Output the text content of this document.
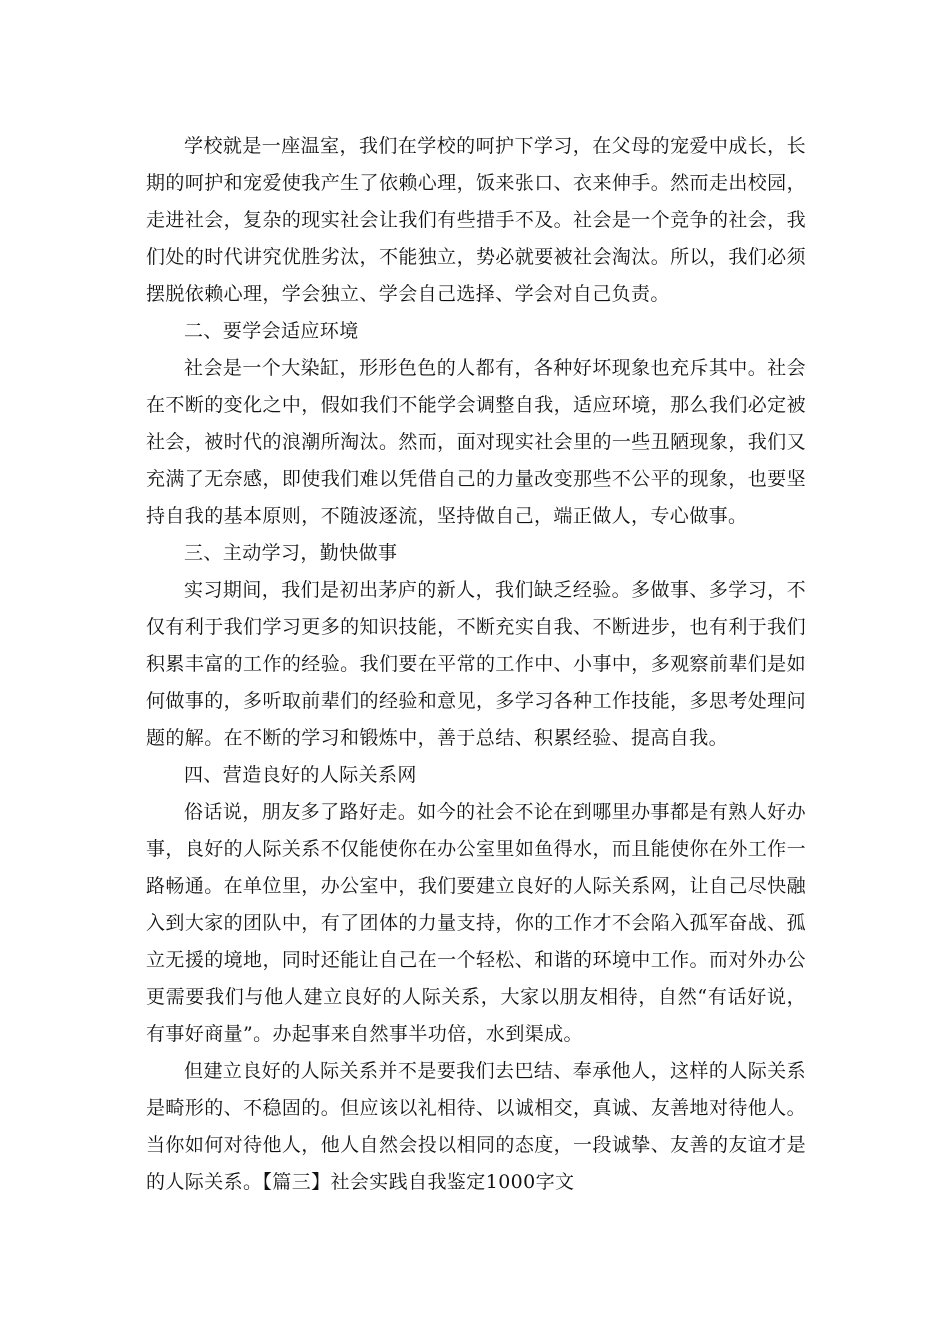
学校就是一座温室，我们在学校的呵护下学习，在父母的宠爱中成长，长期的呵护和宠爱使我产生了依赖心理，饭来张口、衣来伸手。然而走出校园，走进社会，复杂的现实社会让我们有些措手不及。社会是一个竞争的社会，我们处的时代讲究优胜劣汰，不能独立，势必就要被社会淘汰。所以，我们必须摆脱依赖心理，学会独立、学会自己选择、学会对自己负责。

二、要学会适应环境

社会是一个大染缸，形形色色的人都有，各种好坏现象也充斥其中。社会在不断的变化之中，假如我们不能学会调整自我，适应环境，那么我们必定被社会，被时代的浪潮所淘汰。然而，面对现实社会里的一些丑陋现象，我们又充满了无奈感，即使我们难以凭借自己的力量改变那些不公平的现象，也要坚持自我的基本原则，不随波逐流，坚持做自己，端正做人，专心做事。

三、主动学习，勤快做事

实习期间，我们是初出茅庐的新人，我们缺乏经验。多做事、多学习，不仅有利于我们学习更多的知识技能，不断充实自我、不断进步，也有利于我们积累丰富的工作的经验。我们要在平常的工作中、小事中，多观察前辈们是如何做事的，多听取前辈们的经验和意见，多学习各种工作技能，多思考处理问题的解。在不断的学习和锻炼中，善于总结、积累经验、提高自我。

四、营造良好的人际关系网

俗话说，朋友多了路好走。如今的社会不论在到哪里办事都是有熟人好办事，良好的人际关系不仅能使你在办公室里如鱼得水，而且能使你在外工作一路畅通。在单位里，办公室中，我们要建立良好的人际关系网，让自己尽快融入到大家的团队中，有了团体的力量支持，你的工作才不会陷入孤军奋战、孤立无援的境地，同时还能让自己在一个轻松、和谐的环境中工作。而对外办公更需要我们与他人建立良好的人际关系，大家以朋友相待，自然“有话好说，有事好商量”。办起事来自然事半功倍，水到渠成。

但建立良好的人际关系并不是要我们去巴结、奉承他人，这样的人际关系是畸形的、不稳固的。但应该以礼相待、以诚相交，真诚、友善地对待他人。当你如何对待他人，他人自然会投以相同的态度，一段诚挚、友善的友谊才是的人际关系。【篇三】社会实践自我鉴定1000字文
